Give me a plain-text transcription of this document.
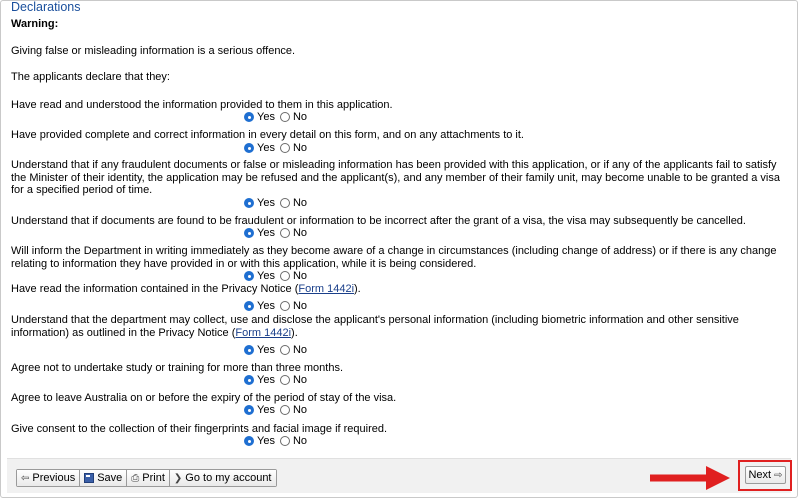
Declarations
Warning:
Giving false or misleading information is a serious offence.
The applicants declare that they:
Have read and understood the information provided to them in this application.
Yes No
Have provided complete and correct information in every detail on this form, and on any attachments to it.
Yes No
Understand that if any fraudulent documents or false or misleading information has been provided with this application, or if any of the applicants fail to satisfy the Minister of their identity, the application may be refused and the applicant(s), and any member of their family unit, may become unable to be granted a visa for a specified period of time.
Yes No
Understand that if documents are found to be fraudulent or information to be incorrect after the grant of a visa, the visa may subsequently be cancelled.
Yes No
Will inform the Department in writing immediately as they become aware of a change in circumstances (including change of address) or if there is any change relating to information they have provided in or with this application, while it is being considered.
Yes No
Have read the information contained in the Privacy Notice (Form 1442i).
Yes No
Understand that the department may collect, use and disclose the applicant's personal information (including biometric information and other sensitive information) as outlined in the Privacy Notice (Form 1442i).
Yes No
Agree not to undertake study or training for more than three months.
Yes No
Agree to leave Australia on or before the expiry of the period of stay of the visa.
Yes No
Give consent to the collection of their fingerprints and facial image if required.
Yes No
⇦ Previous Save ⎙ Print ❯ Go to my account	Next ⇨
